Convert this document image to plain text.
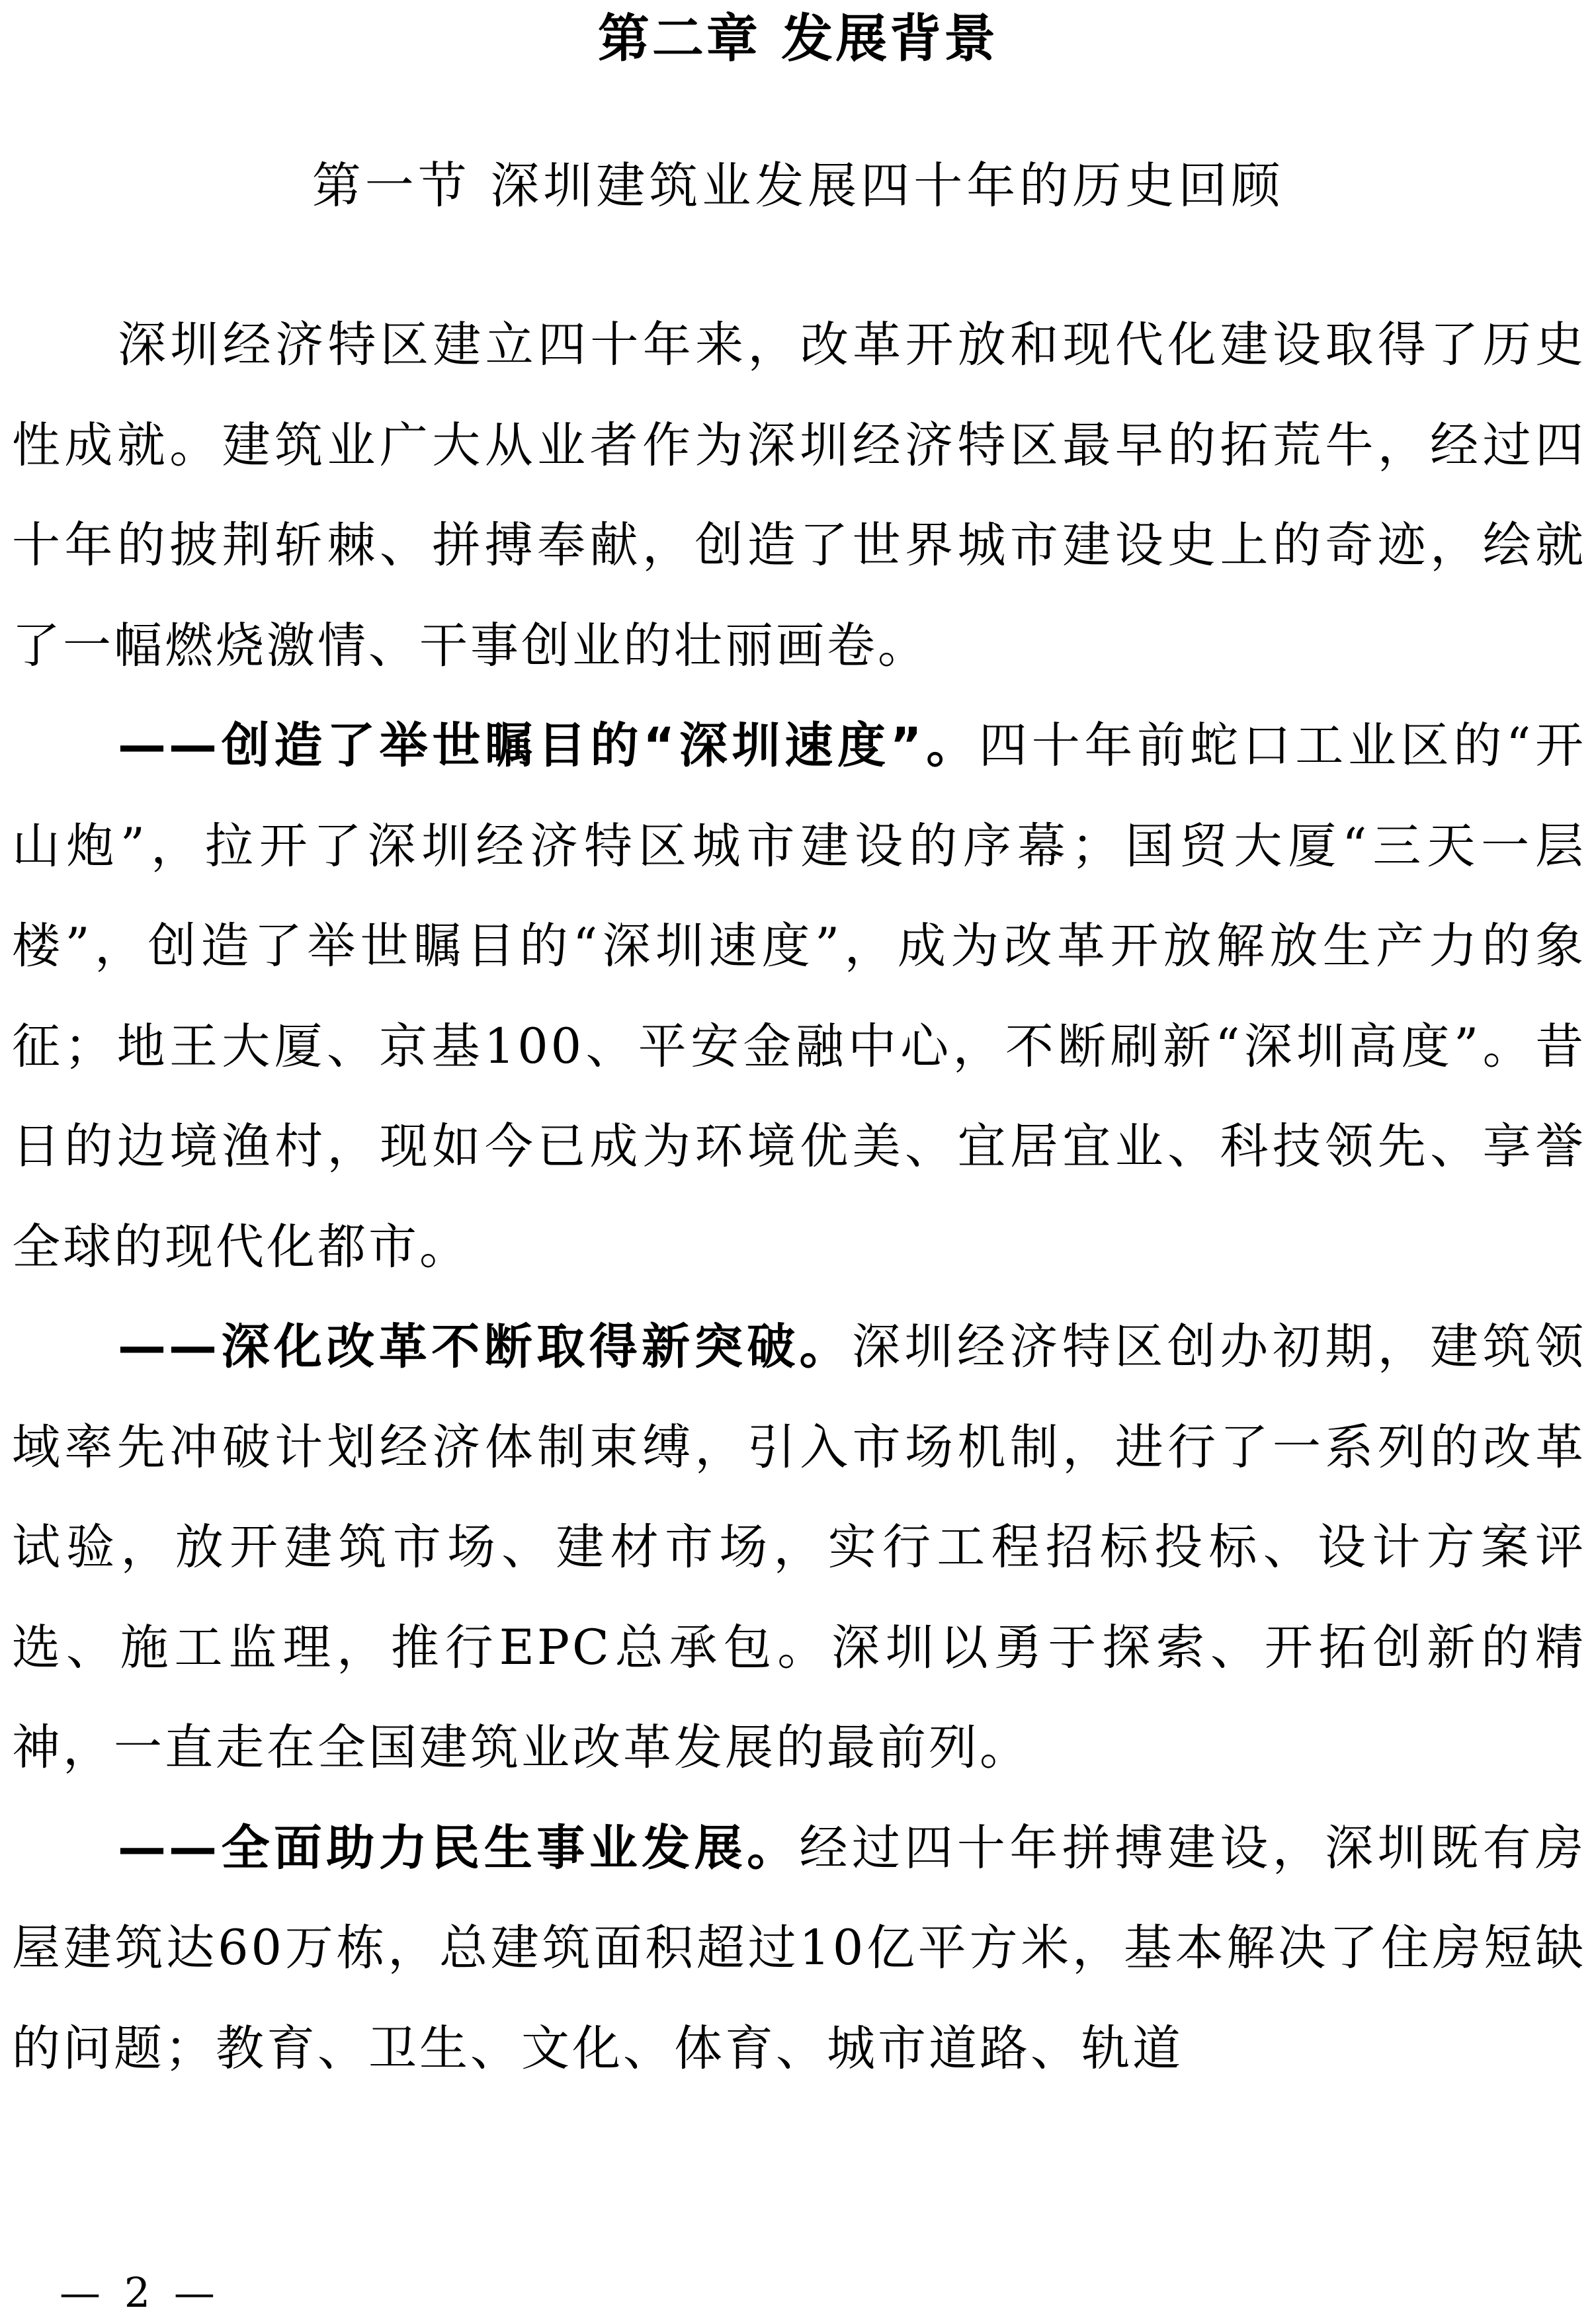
第二章 发展背景
第一节 深圳建筑业发展四十年的历史回顾

深圳经济特区建立四十年来，改革开放和现代化建设取得了历史性成就。建筑业广大从业者作为深圳经济特区最早的拓荒牛，经过四十年的披荆斩棘、拼搏奉献，创造了世界城市建设史上的奇迹，绘就了一幅燃烧激情、干事创业的壮丽画卷。

——创造了举世瞩目的“深圳速度”。四十年前蛇口工业区的“开山炮”，拉开了深圳经济特区城市建设的序幕；国贸大厦“三天一层楼”，创造了举世瞩目的“深圳速度”，成为改革开放解放生产力的象征；地王大厦、京基100、平安金融中心，不断刷新“深圳高度”。昔日的边境渔村，现如今已成为环境优美、宜居宜业、科技领先、享誉全球的现代化都市。

——深化改革不断取得新突破。深圳经济特区创办初期，建筑领域率先冲破计划经济体制束缚，引入市场机制，进行了一系列的改革试验，放开建筑市场、建材市场，实行工程招标投标、设计方案评选、施工监理，推行EPC总承包。深圳以勇于探索、开拓创新的精神，一直走在全国建筑业改革发展的最前列。

——全面助力民生事业发展。经过四十年拼搏建设，深圳既有房屋建筑达60万栋，总建筑面积超过10亿平方米，基本解决了住房短缺的问题；教育、卫生、文化、体育、城市道路、轨道

— 2 —
